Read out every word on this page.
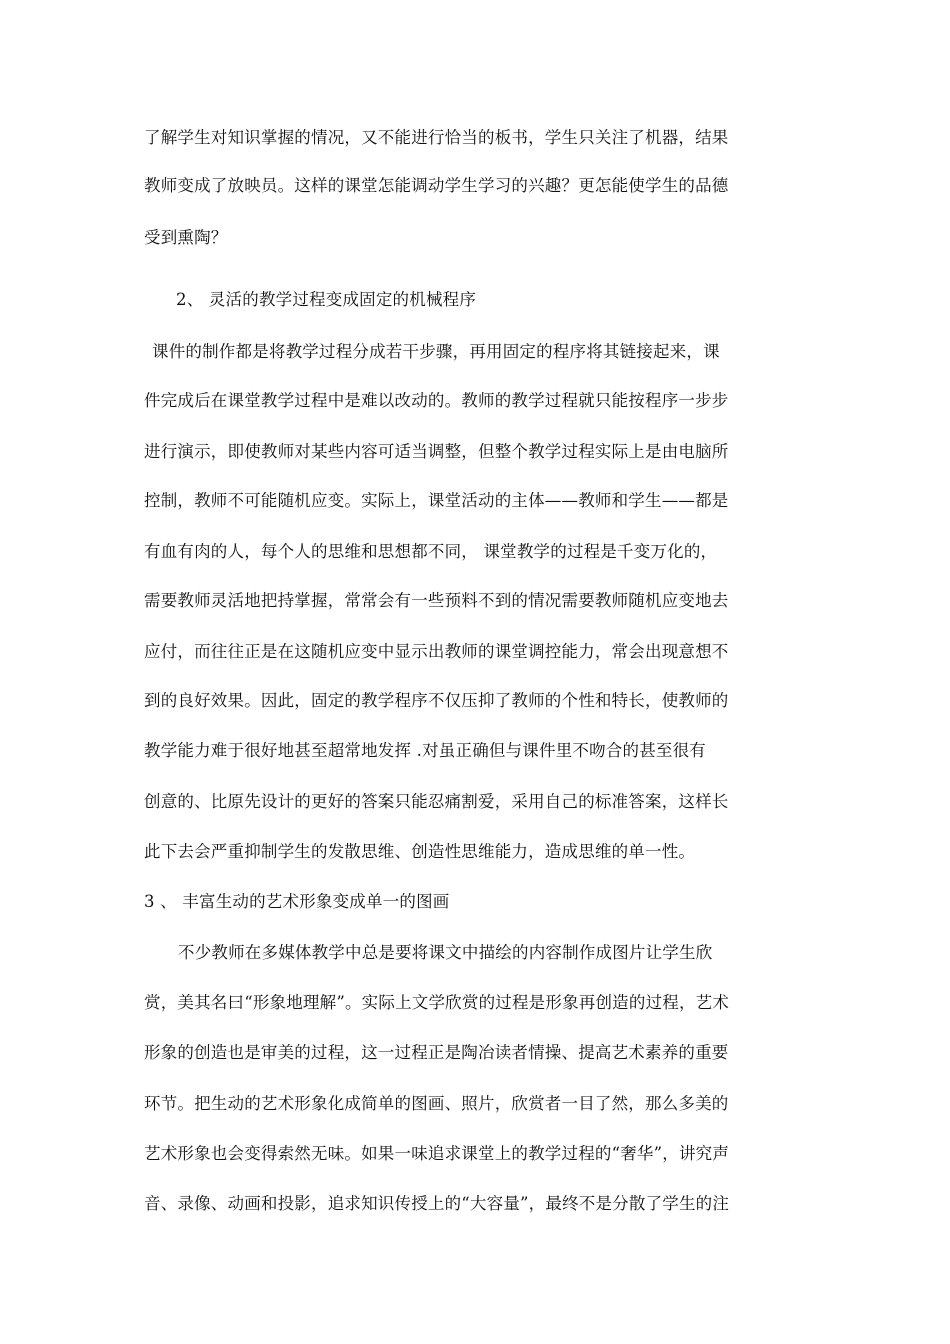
了解学生对知识掌握的情况，又不能进行恰当的板书，学生只关注了机器，结果
教师变成了放映员。这样的课堂怎能调动学生学习的兴趣？更怎能使学生的品德
受到熏陶？
2、 灵活的教学过程变成固定的机械程序
课件的制作都是将教学过程分成若干步骤，再用固定的程序将其链接起来，课
件完成后在课堂教学过程中是难以改动的。教师的教学过程就只能按程序一步步
进行演示，即使教师对某些内容可适当调整，但整个教学过程实际上是由电脑所
控制，教师不可能随机应变。实际上，课堂活动的主体——教师和学生——都是
有血有肉的人，每个人的思维和思想都不同， 课堂教学的过程是千变万化的，
需要教师灵活地把持掌握，常常会有一些预料不到的情况需要教师随机应变地去
应付，而往往正是在这随机应变中显示出教师的课堂调控能力，常会出现意想不
到的良好效果。因此，固定的教学程序不仅压抑了教师的个性和特长，使教师的
教学能力难于很好地甚至超常地发挥 .对虽正确但与课件里不吻合的甚至很有
创意的、比原先设计的更好的答案只能忍痛割爱，采用自己的标准答案，这样长
此下去会严重抑制学生的发散思维、创造性思维能力，造成思维的单一性。
3 、 丰富生动的艺术形象变成单一的图画
不少教师在多媒体教学中总是要将课文中描绘的内容制作成图片让学生欣
赏，美其名曰“形象地理解”。实际上文学欣赏的过程是形象再创造的过程，艺术
形象的创造也是审美的过程，这一过程正是陶冶读者情操、提高艺术素养的重要
环节。把生动的艺术形象化成简单的图画、照片，欣赏者一目了然，那么多美的
艺术形象也会变得索然无味。如果一味追求课堂上的教学过程的“奢华”，讲究声
音、录像、动画和投影，追求知识传授上的“大容量”，最终不是分散了学生的注
